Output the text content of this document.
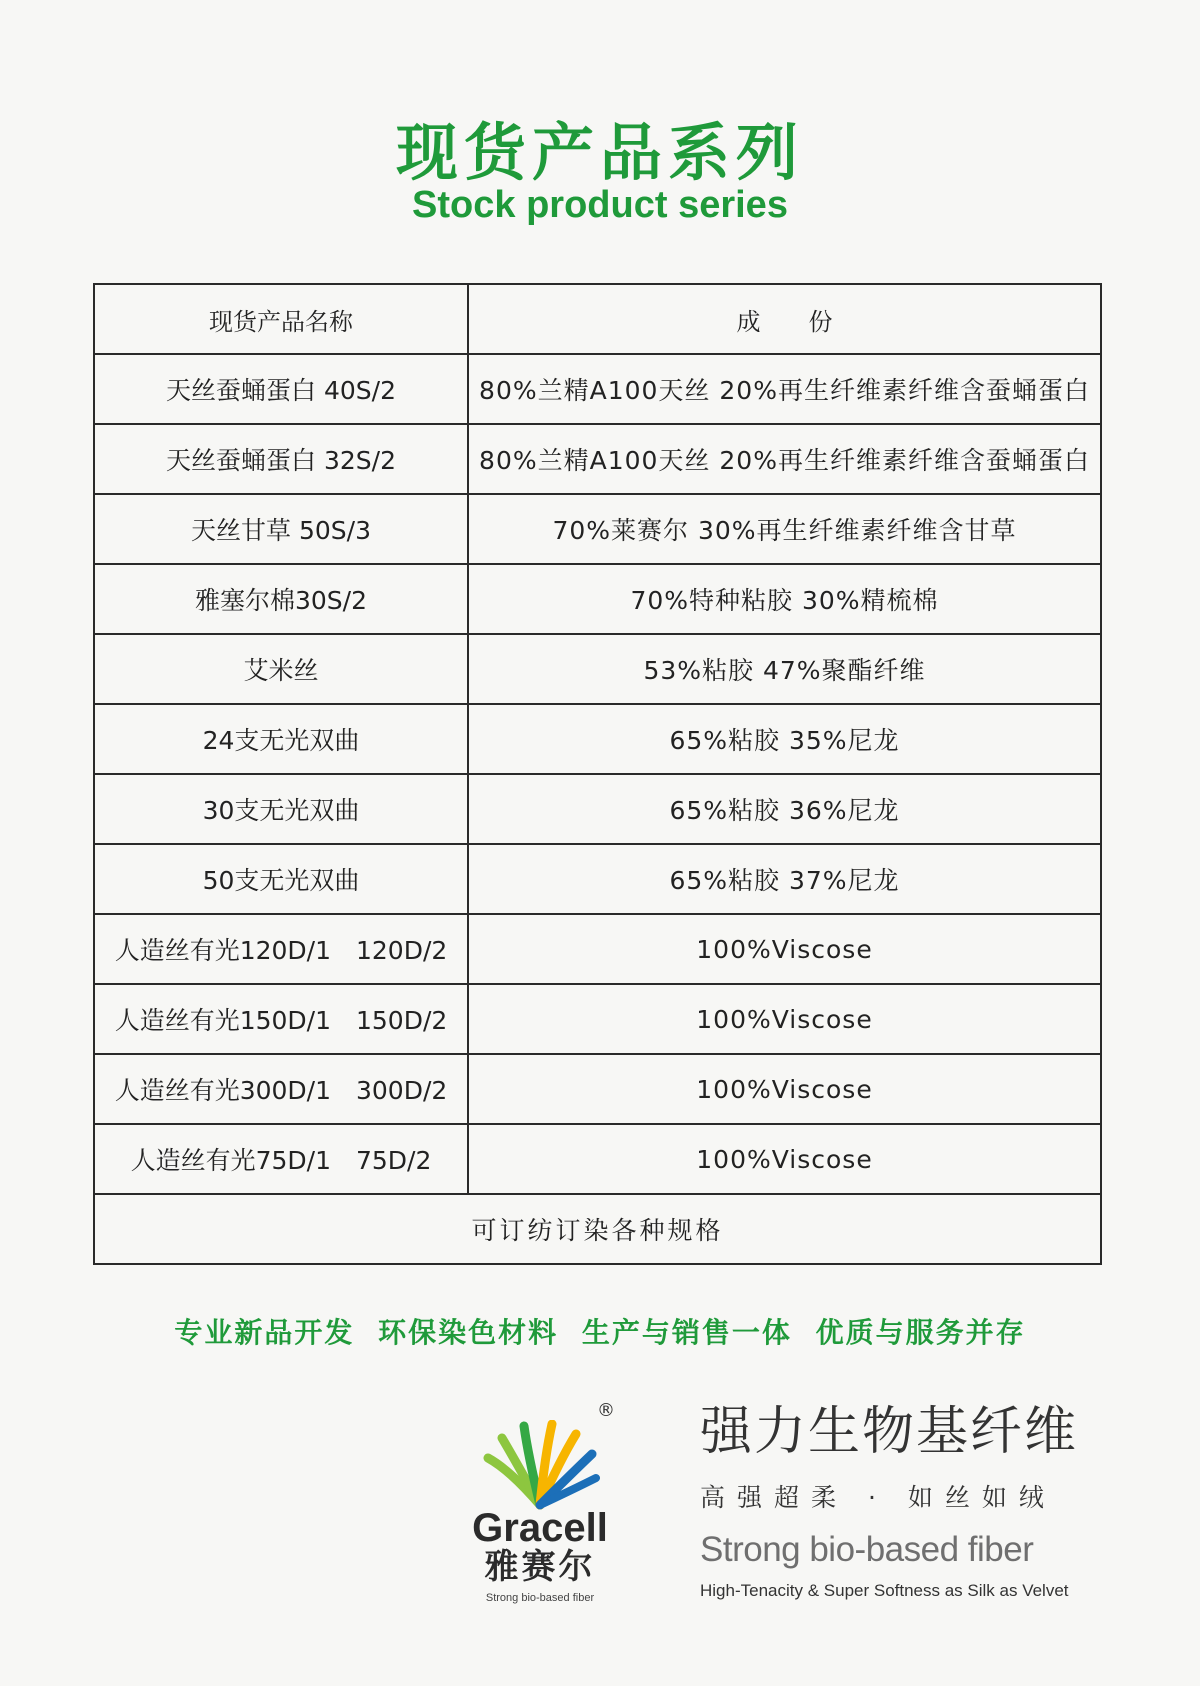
现货产品系列
Stock product series
现货产品名称	成　　份
天丝蚕蛹蛋白 40S/2	80%兰精A100天丝 20%再生纤维素纤维含蚕蛹蛋白
天丝蚕蛹蛋白 32S/2	80%兰精A100天丝 20%再生纤维素纤维含蚕蛹蛋白
天丝甘草 50S/3	70%莱赛尔 30%再生纤维素纤维含甘草
雅塞尔棉30S/2	70%特种粘胶 30%精梳棉
艾米丝	53%粘胶 47%聚酯纤维
24支无光双曲	65%粘胶 35%尼龙
30支无光双曲	65%粘胶 36%尼龙
50支无光双曲	65%粘胶 37%尼龙
人造丝有光120D/1　120D/2	100%Viscose
人造丝有光150D/1　150D/2	100%Viscose
人造丝有光300D/1　300D/2	100%Viscose
人造丝有光75D/1　75D/2	100%Viscose
可订纺订染各种规格	
专业新品开发 环保染色材料 生产与销售一体 优质与服务并存
®
Gracell
雅赛尔
Strong bio-based fiber
强力生物基纤维
高强超柔 · 如丝如绒
Strong bio-based fiber
High-Tenacity & Super Softness as Silk as Velvet
